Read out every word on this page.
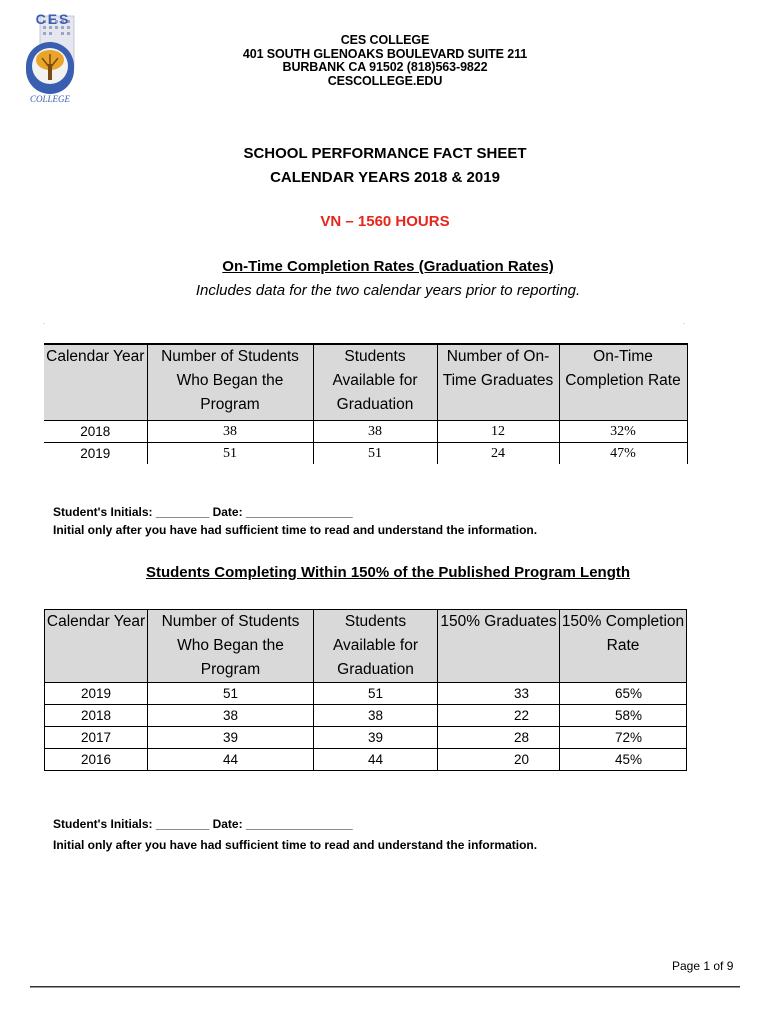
CES
COLLEGE
CES COLLEGE
401 SOUTH GLENOAKS BOULEVARD SUITE 211
BURBANK CA 91502 (818)563-9822
CESCOLLEGE.EDU
SCHOOL PERFORMANCE FACT SHEET
CALENDAR YEARS 2018 & 2019
VN – 1560 HOURS
On-Time Completion Rates (Graduation Rates)
Includes data for the two calendar years prior to reporting.
.	.
Calendar Year	Number of Students Who Began the Program	Students Available for Graduation	Number of On-Time Graduates	On-Time Completion Rate
2018	38	38	12	32%
2019	51	51	24	47%
Student's Initials: ________ Date: ________________
Initial only after you have had sufficient time to read and understand the information.
Students Completing Within 150% of the Published Program Length
Calendar Year	Number of Students Who Began the Program	Students Available for Graduation	150% Graduates	150% Completion Rate
2019	51	51	33	65%
2018	38	38	22	58%
2017	39	39	28	72%
2016	44	44	20	45%
Student's Initials: ________ Date: ________________
Initial only after you have had sufficient time to read and understand the information.
Page 1 of 9
